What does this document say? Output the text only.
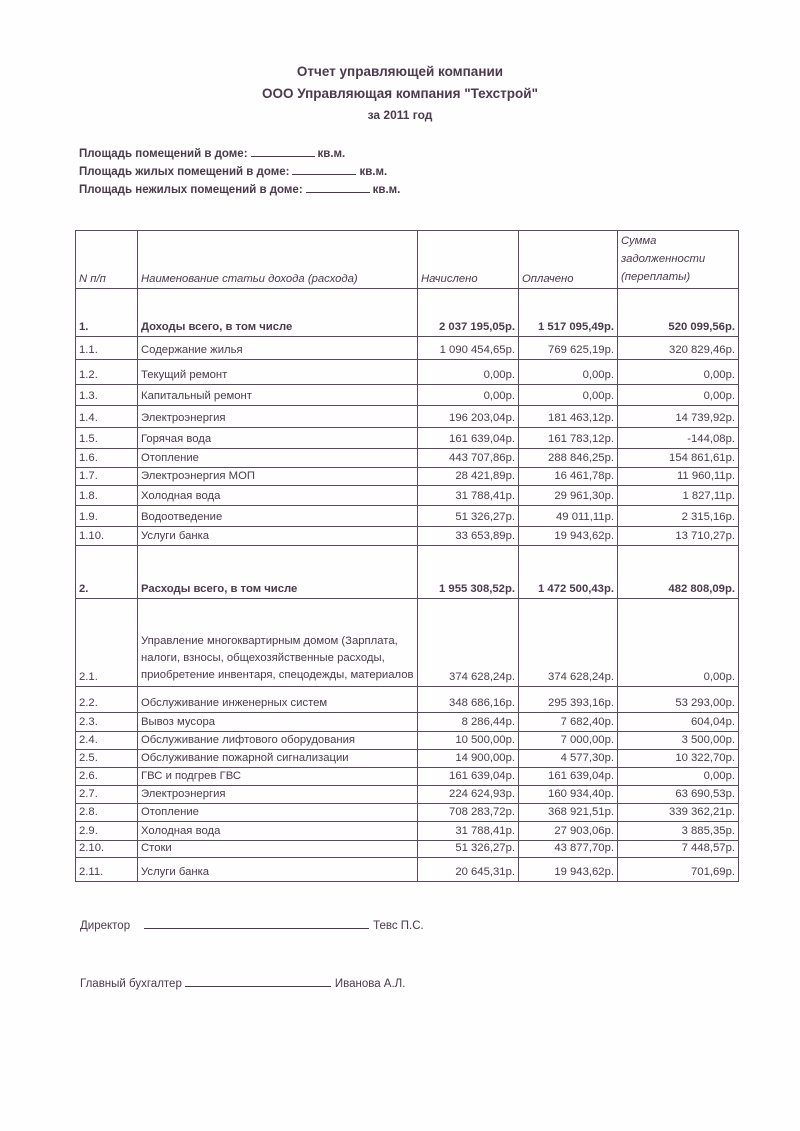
Отчет управляющей компании
ООО Управляющая компания "Техстрой"
за 2011 год
Площадь помещений в доме:	кв.м.
Площадь жилых помещений в доме:	кв.м.
Площадь нежилых помещений в доме:	кв.м.
N п/п	Наименование статьи дохода (расхода)	Начислено	Оплачено	Сумма задолженности (переплаты)
1.	Доходы всего, в том числе	2 037 195,05р.	1 517 095,49р.	520 099,56р.
1.1.	Содержание жилья	1 090 454,65р.	769 625,19р.	320 829,46р.
1.2.	Текущий ремонт	0,00р.	0,00р.	0,00р.
1.3.	Капитальный ремонт	0,00р.	0,00р.	0,00р.
1.4.	Электроэнергия	196 203,04р.	181 463,12р.	14 739,92р.
1.5.	Горячая вода	161 639,04р.	161 783,12р.	-144,08р.
1.6.	Отопление	443 707,86р.	288 846,25р.	154 861,61р.
1.7.	Электроэнергия МОП	28 421,89р.	16 461,78р.	11 960,11р.
1.8.	Холодная вода	31 788,41р.	29 961,30р.	1 827,11р.
1.9.	Водоотведение	51 326,27р.	49 011,11р.	2 315,16р.
1.10.	Услуги банка	33 653,89р.	19 943,62р.	13 710,27р.
2.	Расходы всего, в том числе	1 955 308,52р.	1 472 500,43р.	482 808,09р.
2.1.	Управление многоквартирным домом (Зарплата, налоги, взносы, общехозяйственные расходы, приобретение инвентаря, спецодежды, материалов	374 628,24р.	374 628,24р.	0,00р.
2.2.	Обслуживание инженерных систем	348 686,16р.	295 393,16р.	53 293,00р.
2.3.	Вывоз мусора	8 286,44р.	7 682,40р.	604,04р.
2.4.	Обслуживание лифтового оборудования	10 500,00р.	7 000,00р.	3 500,00р.
2.5.	Обслуживание пожарной сигнализации	14 900,00р.	4 577,30р.	10 322,70р.
2.6.	ГВС и подгрев ГВС	161 639,04р.	161 639,04р.	0,00р.
2.7.	Электроэнергия	224 624,93р.	160 934,40р.	63 690,53р.
2.8.	Отопление	708 283,72р.	368 921,51р.	339 362,21р.
2.9.	Холодная вода	31 788,41р.	27 903,06р.	3 885,35р.
2.10.	Стоки	51 326,27р.	43 877,70р.	7 448,57р.
2.11.	Услуги банка	20 645,31р.	19 943,62р.	701,69р.
Директор	Тевс П.С.
Главный бухгалтер	Иванова А.Л.
